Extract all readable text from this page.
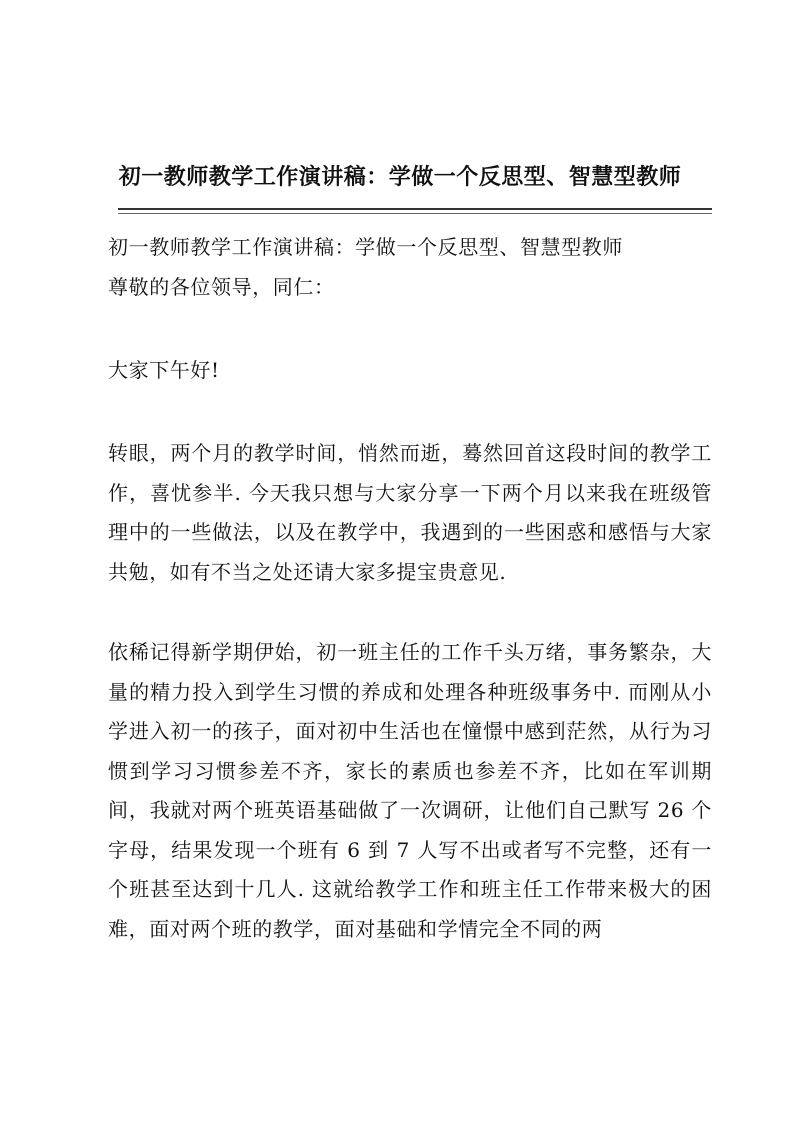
初一教师教学工作演讲稿：学做一个反思型、智慧型教师

初一教师教学工作演讲稿：学做一个反思型、智慧型教师

尊敬的各位领导，同仁：

大家下午好!

转眼，两个月的教学时间，悄然而逝，蓦然回首这段时间的教学工作，喜忧参半. 今天我只想与大家分享一下两个月以来我在班级管理中的一些做法，以及在教学中，我遇到的一些困惑和感悟与大家共勉，如有不当之处还请大家多提宝贵意见.

依稀记得新学期伊始，初一班主任的工作千头万绪，事务繁杂，大量的精力投入到学生习惯的养成和处理各种班级事务中. 而刚从小学进入初一的孩子，面对初中生活也在憧憬中感到茫然，从行为习惯到学习习惯参差不齐，家长的素质也参差不齐，比如在军训期间，我就对两个班英语基础做了一次调研，让他们自己默写 26 个字母，结果发现一个班有 6 到 7 人写不出或者写不完整，还有一个班甚至达到十几人. 这就给教学工作和班主任工作带来极大的困难，面对两个班的教学，面对基础和学情完全不同的两
